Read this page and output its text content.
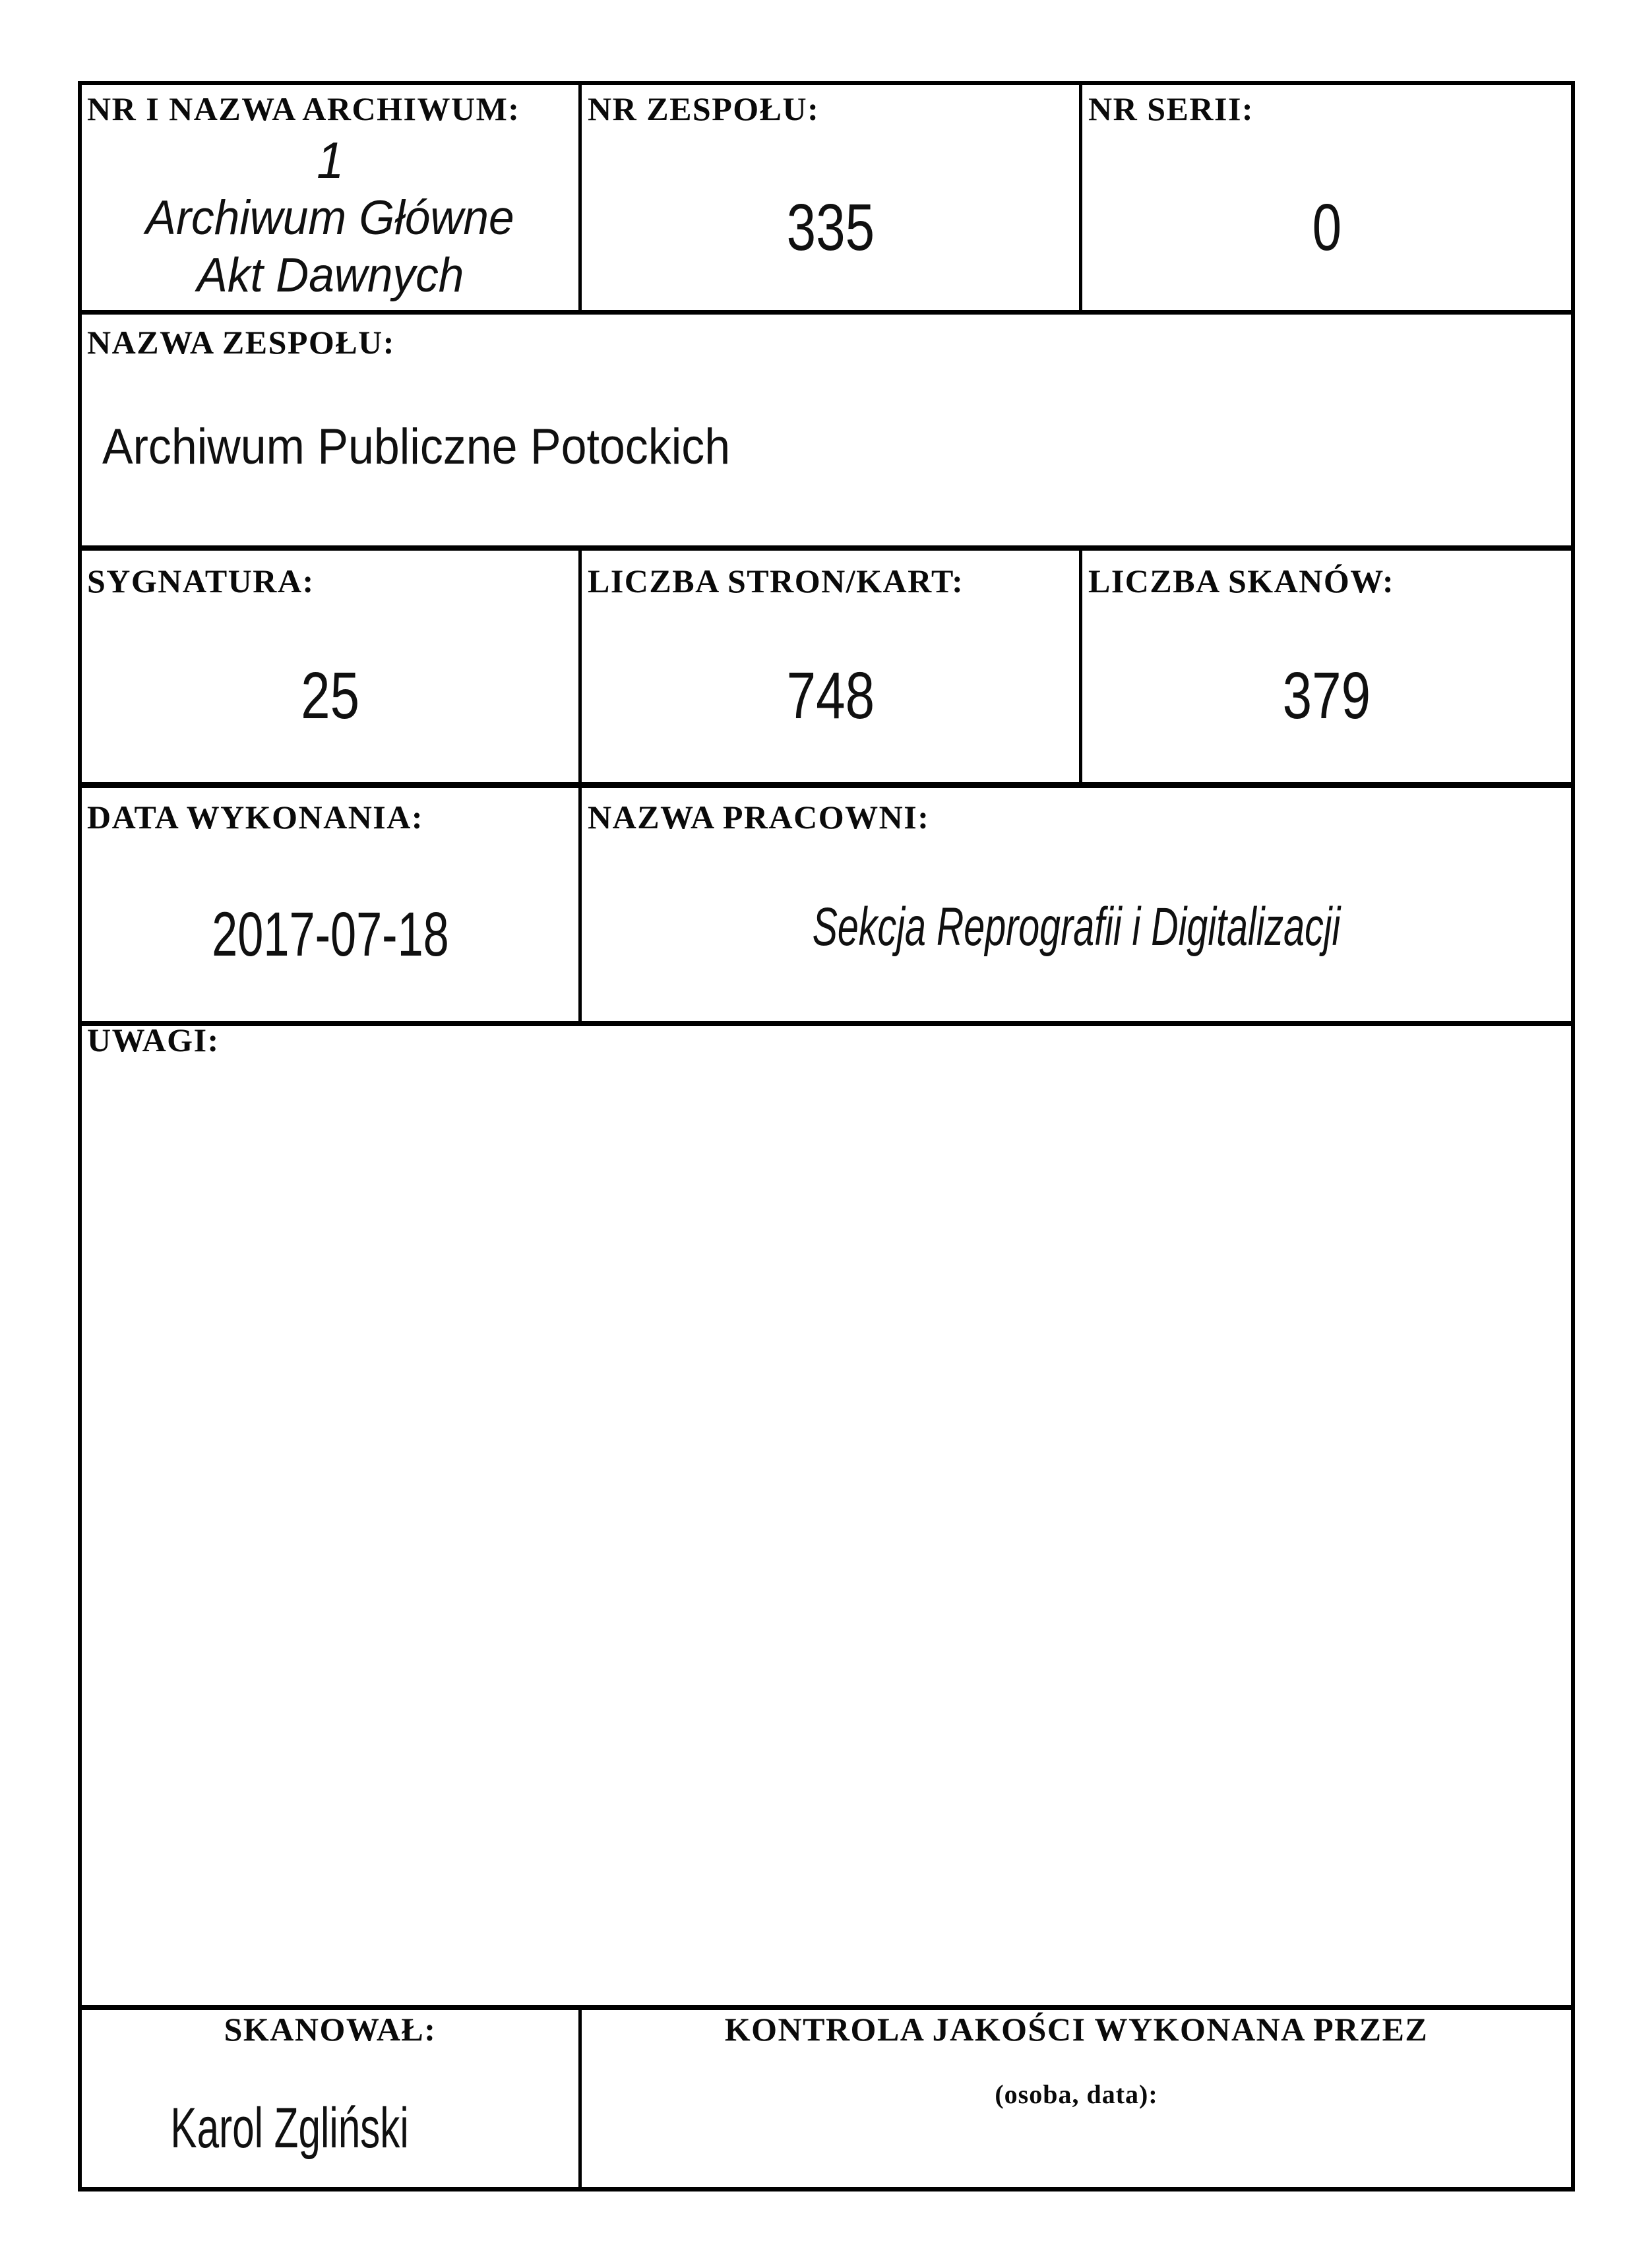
NR I NAZWA ARCHIWUM:
1
Archiwum Główne
Akt Dawnych
NR ZESPOŁU:
335
NR SERII:
0
NAZWA ZESPOŁU:
Archiwum Publiczne Potockich
SYGNATURA:	LICZBA STRON/KART:	LICZBA SKANÓW:
25	748	379
DATA WYKONANIA:	NAZWA PRACOWNI:
2017-07-18	Sekcja Reprografii i Digitalizacji
UWAGI:
SKANOWAŁ:
Karol Zgliński
KONTROLA JAKOŚCI WYKONANA PRZEZ
(osoba, data):
